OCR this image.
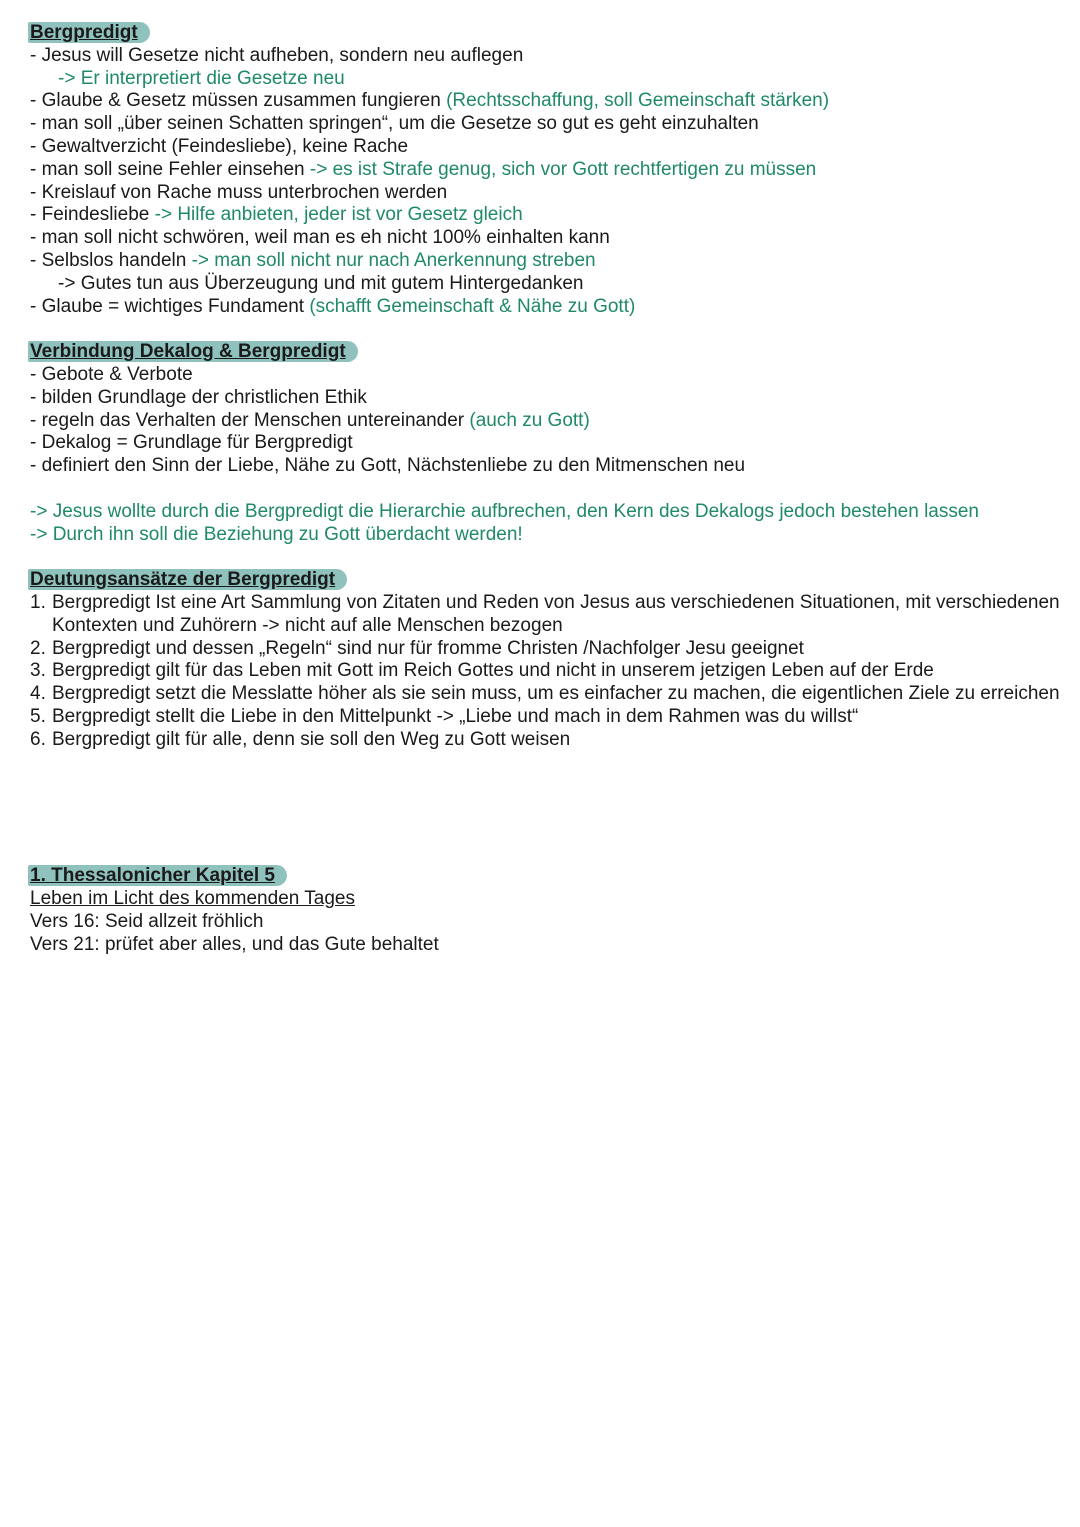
Bergpredigt
- Jesus will Gesetze nicht aufheben, sondern neu auflegen
-> Er interpretiert die Gesetze neu
- Glaube & Gesetz müssen zusammen fungieren (Rechtsschaffung, soll Gemeinschaft stärken)
- man soll „über seinen Schatten springen“, um die Gesetze so gut es geht einzuhalten
- Gewaltverzicht (Feindesliebe), keine Rache
- man soll seine Fehler einsehen -> es ist Strafe genug, sich vor Gott rechtfertigen zu müssen
- Kreislauf von Rache muss unterbrochen werden
- Feindesliebe -> Hilfe anbieten, jeder ist vor Gesetz gleich
- man soll nicht schwören, weil man es eh nicht 100% einhalten kann
- Selbslos handeln -> man soll nicht nur nach Anerkennung streben
-> Gutes tun aus Überzeugung und mit gutem Hintergedanken
- Glaube = wichtiges Fundament (schafft Gemeinschaft & Nähe zu Gott)
Verbindung Dekalog & Bergpredigt
- Gebote & Verbote
- bilden Grundlage der christlichen Ethik
- regeln das Verhalten der Menschen untereinander (auch zu Gott)
- Dekalog = Grundlage für Bergpredigt
- definiert den Sinn der Liebe, Nähe zu Gott, Nächstenliebe zu den Mitmenschen neu
-> Jesus wollte durch die Bergpredigt die Hierarchie aufbrechen, den Kern des Dekalogs jedoch bestehen lassen
-> Durch ihn soll die Beziehung zu Gott überdacht werden!
Deutungsansätze der Bergpredigt
1. Bergpredigt Ist eine Art Sammlung von Zitaten und Reden von Jesus aus verschiedenen Situationen, mit verschiedenen Kontexten und Zuhörern -> nicht auf alle Menschen bezogen
2. Bergpredigt und dessen „Regeln“ sind nur für fromme Christen /Nachfolger Jesu geeignet
3. Bergpredigt gilt für das Leben mit Gott im Reich Gottes und nicht in unserem jetzigen Leben auf der Erde
4. Bergpredigt setzt die Messlatte höher als sie sein muss, um es einfacher zu machen, die eigentlichen Ziele zu erreichen
5. Bergpredigt stellt die Liebe in den Mittelpunkt -> „Liebe und mach in dem Rahmen was du willst“
6. Bergpredigt gilt für alle, denn sie soll den Weg zu Gott weisen
1. Thessalonicher Kapitel 5
Leben im Licht des kommenden Tages
Vers 16: Seid allzeit fröhlich
Vers 21: prüfet aber alles, und das Gute behaltet
